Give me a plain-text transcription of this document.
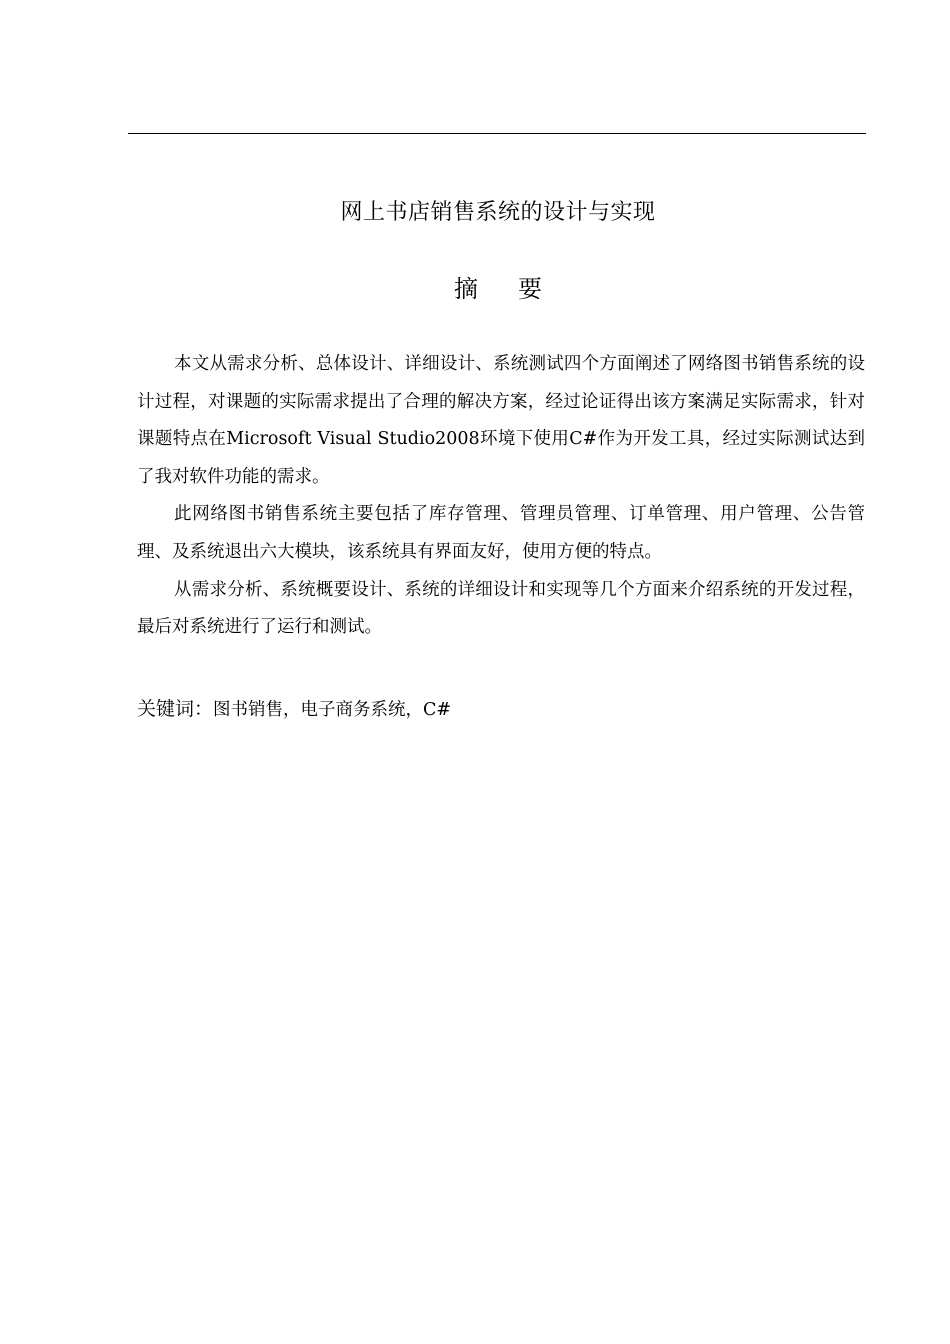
网上书店销售系统的设计与实现
摘要

本文从需求分析、总体设计、详细设计、系统测试四个方面阐述了网络图书销售系统的设计过程，对课题的实际需求提出了合理的解决方案，经过论证得出该方案满足实际需求，针对课题特点在Microsoft Visual Studio2008环境下使用C#作为开发工具，经过实际测试达到了我对软件功能的需求。

此网络图书销售系统主要包括了库存管理、管理员管理、订单管理、用户管理、公告管理、及系统退出六大模块，该系统具有界面友好，使用方便的特点。

从需求分析、系统概要设计、系统的详细设计和实现等几个方面来介绍系统的开发过程，最后对系统进行了运行和测试。

关键词：图书销售，电子商务系统，C#
